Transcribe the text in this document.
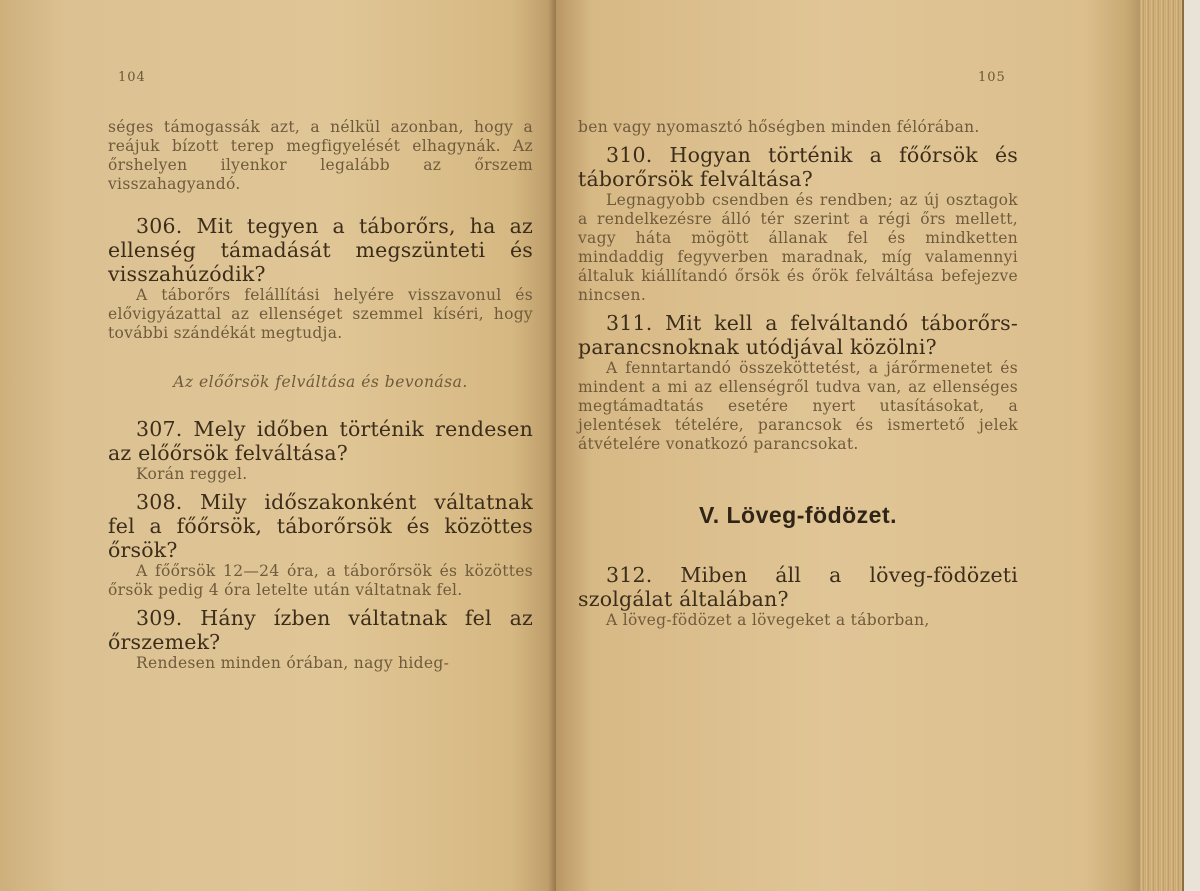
104

séges támogassák azt, a nélkül azonban, hogy a reájuk bízott terep megfigyelését elhagynák. Az őrshelyen ilyenkor legalább az őrszem visszahagyandó.

306. Mit tegyen a táborőrs, ha az ellenség támadását megszünteti és visszahúzódik?

A táborőrs felállítási helyére visszavonul és elővigyázattal az ellenséget szemmel kíséri, hogy további szándékát megtudja.

Az előőrsök felváltása és bevonása.

307. Mely időben történik rendesen az előőrsök felváltása?

Korán reggel.

308. Mily időszakonként váltatnak fel a főőrsök, táborőrsök és közöttes őrsök?

A főőrsök 12—24 óra, a táborőrsök és közöttes őrsök pedig 4 óra letelte után váltatnak fel.

309. Hány ízben váltatnak fel az őrszemek?

Rendesen minden órában, nagy hideg-

105

ben vagy nyomasztó hőségben minden félórában.

310. Hogyan történik a főőrsök és táborőrsök felváltása?

Legnagyobb csendben és rendben; az új osztagok a rendelkezésre álló tér szerint a régi őrs mellett, vagy háta mögött állanak fel és mindketten mindaddig fegyverben maradnak, míg valamennyi általuk kiállítandó őrsök és őrök felváltása befejezve nincsen.

311. Mit kell a felváltandó táborőrs-parancsnoknak utódjával közölni?

A fenntartandó összeköttetést, a járőrmenetet és mindent a mi az ellenségről tudva van, az ellenséges megtámadtatás esetére nyert utasításokat, a jelentések tételére, parancsok és ismertető jelek átvételére vonatkozó parancsokat.

V. Löveg-födözet.

312. Miben áll a löveg-födözeti szolgálat általában?

A löveg-födözet a lövegeket a táborban,
